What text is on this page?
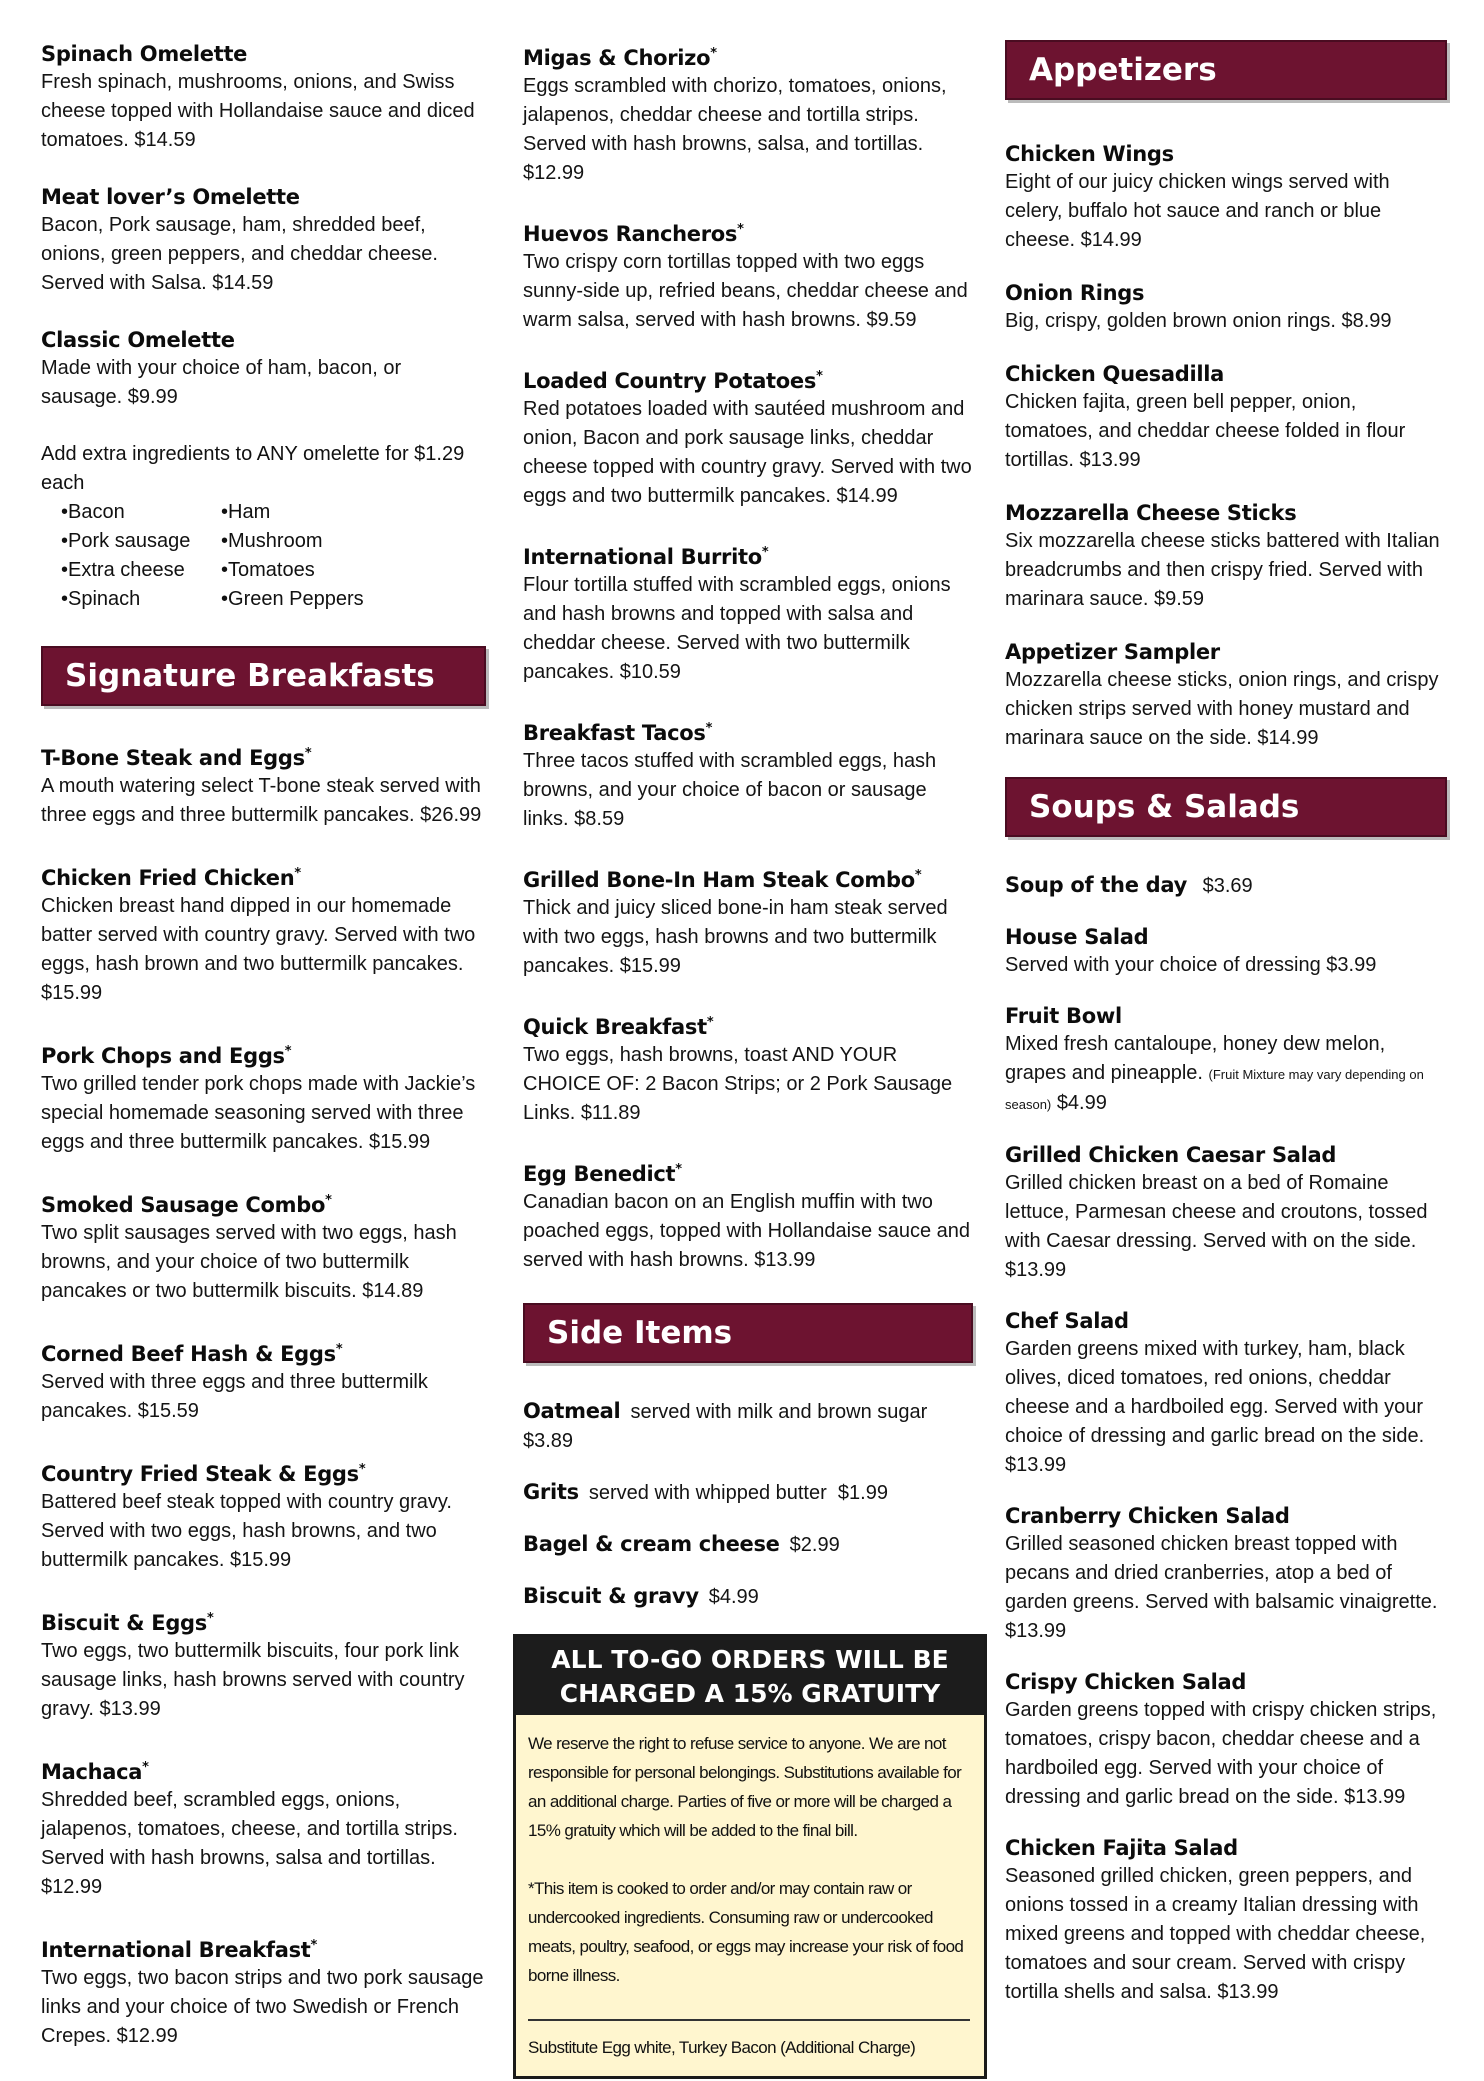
Spinach Omelette
Fresh spinach, mushrooms, onions, and Swiss cheese topped with Hollandaise sauce and diced tomatoes. $14.59
Meat lover’s Omelette
Bacon, Pork sausage, ham, shredded beef, onions, green peppers, and cheddar cheese. Served with Salsa. $14.59
Classic Omelette
Made with your choice of ham, bacon, or sausage. $9.99
Add extra ingredients to ANY omelette for $1.29 each
• Bacon	• Ham
• Pork sausage	• Mushroom
• Extra cheese	• Tomatoes
• Spinach	• Green Peppers
Signature Breakfasts
T-Bone Steak and Eggs*
A mouth watering select T-bone steak served with three eggs and three buttermilk pancakes. $26.99
Chicken Fried Chicken*
Chicken breast hand dipped in our homemade batter served with country gravy. Served with two eggs, hash brown and two buttermilk pancakes. $15.99
Pork Chops and Eggs*
Two grilled tender pork chops made with Jackie’s special homemade seasoning served with three eggs and three buttermilk pancakes. $15.99
Smoked Sausage Combo*
Two split sausages served with two eggs, hash browns, and your choice of two buttermilk pancakes or two buttermilk biscuits. $14.89
Corned Beef Hash & Eggs*
Served with three eggs and three buttermilk pancakes. $15.59
Country Fried Steak & Eggs*
Battered beef steak topped with country gravy. Served with two eggs, hash browns, and two buttermilk pancakes. $15.99
Biscuit & Eggs*
Two eggs, two buttermilk biscuits, four pork link sausage links, hash browns served with country gravy. $13.99
Machaca*
Shredded beef, scrambled eggs, onions, jalapenos, tomatoes, cheese, and tortilla strips. Served with hash browns, salsa and tortillas. $12.99
International Breakfast*
Two eggs, two bacon strips and two pork sausage links and your choice of two Swedish or French Crepes. $12.99
Migas & Chorizo*
Eggs scrambled with chorizo, tomatoes, onions, jalapenos, cheddar cheese and tortilla strips. Served with hash browns, salsa, and tortillas. $12.99
Huevos Rancheros*
Two crispy corn tortillas topped with two eggs sunny-side up, refried beans, cheddar cheese and warm salsa, served with hash browns. $9.59
Loaded Country Potatoes*
Red potatoes loaded with sautéed mushroom and onion, Bacon and pork sausage links, cheddar cheese topped with country gravy. Served with two eggs and two buttermilk pancakes. $14.99
International Burrito*
Flour tortilla stuffed with scrambled eggs, onions and hash browns and topped with salsa and cheddar cheese. Served with two buttermilk pancakes. $10.59
Breakfast Tacos*
Three tacos stuffed with scrambled eggs, hash browns, and your choice of bacon or sausage links. $8.59
Grilled Bone-In Ham Steak Combo*
Thick and juicy sliced bone-in ham steak served with two eggs, hash browns and two buttermilk pancakes. $15.99
Quick Breakfast*
Two eggs, hash browns, toast AND YOUR CHOICE OF: 2 Bacon Strips; or 2 Pork Sausage Links. $11.89
Egg Benedict*
Canadian bacon on an English muffin with two poached eggs, topped with Hollandaise sauce and served with hash browns. $13.99
Side Items
Oatmeal served with milk and brown sugar  $3.89
Grits served with whipped butter $1.99
Bagel & cream cheese $2.99
Biscuit & gravy $4.99
ALL TO-GO ORDERS WILL BE CHARGED A 15% GRATUITY

We reserve the right to refuse service to anyone. We are not responsible for personal belongings. Substitutions available for an additional charge. Parties of five or more will be charged a 15% gratuity which will be added to the final bill.

*This item is cooked to order and/or may contain raw or undercooked ingredients. Consuming raw or undercooked meats, poultry, seafood, or eggs may increase your risk of food borne illness.

Substitute Egg white, Turkey Bacon (Additional Charge)
Appetizers
Chicken Wings
Eight of our juicy chicken wings served with celery, buffalo hot sauce and ranch or blue cheese. $14.99
Onion Rings
Big, crispy, golden brown onion rings. $8.99
Chicken Quesadilla
Chicken fajita, green bell pepper, onion, tomatoes, and cheddar cheese folded in flour tortillas. $13.99
Mozzarella Cheese Sticks
Six mozzarella cheese sticks battered with Italian breadcrumbs and then crispy fried. Served with marinara sauce. $9.59
Appetizer Sampler
Mozzarella cheese sticks, onion rings, and crispy chicken strips served with honey mustard and marinara sauce on the side. $14.99
Soups & Salads
Soup of the day $3.69
House Salad
Served with your choice of dressing $3.99
Fruit Bowl
Mixed fresh cantaloupe, honey dew melon, grapes and pineapple. (Fruit Mixture may vary depending on season) $4.99
Grilled Chicken Caesar Salad
Grilled chicken breast on a bed of Romaine lettuce, Parmesan cheese and croutons, tossed with Caesar dressing. Served with on the side. $13.99
Chef Salad
Garden greens mixed with turkey, ham, black olives, diced tomatoes, red onions, cheddar cheese and a hardboiled egg. Served with your choice of dressing and garlic bread on the side. $13.99
Cranberry Chicken Salad
Grilled seasoned chicken breast topped with pecans and dried cranberries, atop a bed of garden greens. Served with balsamic vinaigrette. $13.99
Crispy Chicken Salad
Garden greens topped with crispy chicken strips, tomatoes, crispy bacon, cheddar cheese and a hardboiled egg. Served with your choice of dressing and garlic bread on the side. $13.99
Chicken Fajita Salad
Seasoned grilled chicken, green peppers, and onions tossed in a creamy Italian dressing with mixed greens and topped with cheddar cheese, tomatoes and sour cream. Served with crispy tortilla shells and salsa. $13.99
